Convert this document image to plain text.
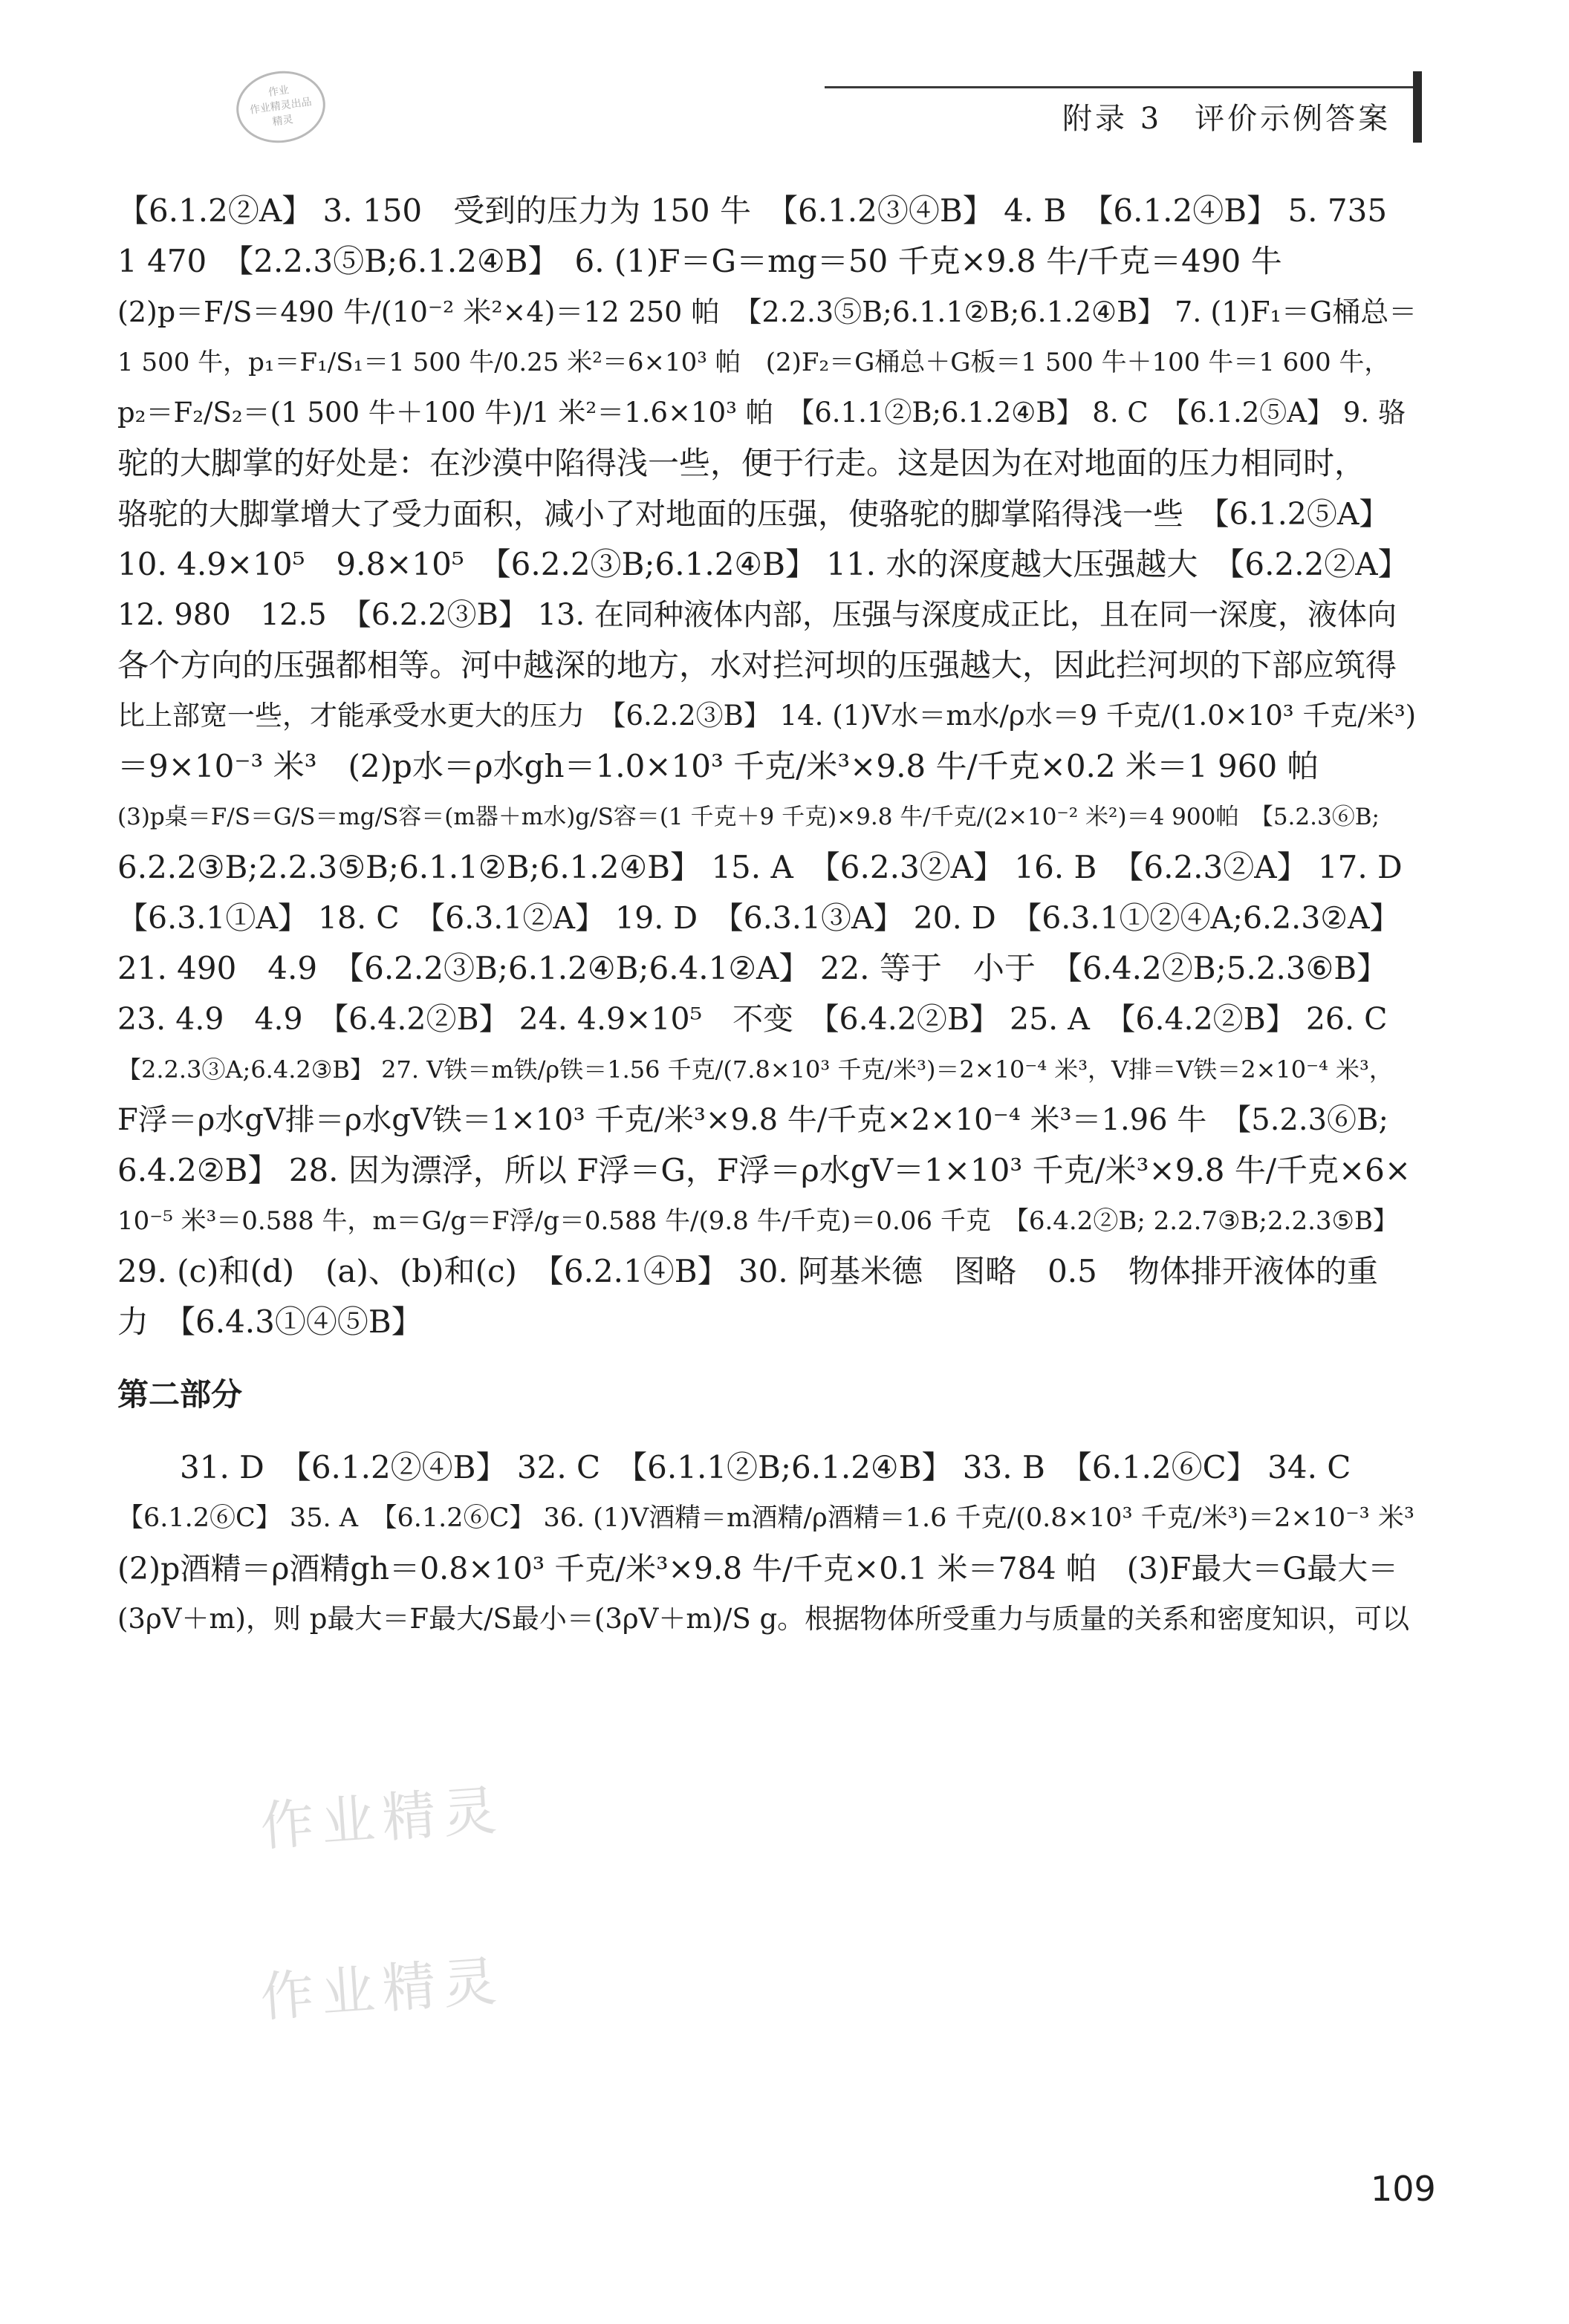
作业
作业精灵出品
精灵	附录 3　评价示例答案
作业精灵
作业精灵
【6.1.2②A】 3. 150　受到的压力为 150 牛　【6.1.2③④B】 4. B　【6.1.2④B】 5. 735
1 470　【2.2.3⑤B;6.1.2④B】　6. (1)F＝G＝mg＝50 千克×9.8 牛/千克＝490 牛
(2)p＝F/S＝490 牛/(10⁻² 米²×4)＝12 250 帕　【2.2.3⑤B;6.1.1②B;6.1.2④B】 7. (1)F₁＝G桶总＝
1 500 牛，p₁＝F₁/S₁＝1 500 牛/0.25 米²＝6×10³ 帕　(2)F₂＝G桶总＋G板＝1 500 牛＋100 牛＝1 600 牛，
p₂＝F₂/S₂＝(1 500 牛＋100 牛)/1 米²＝1.6×10³ 帕　【6.1.1②B;6.1.2④B】 8. C　【6.1.2⑤A】 9. 骆
驼的大脚掌的好处是：在沙漠中陷得浅一些，便于行走。这是因为在对地面的压力相同时，
骆驼的大脚掌增大了受力面积，减小了对地面的压强，使骆驼的脚掌陷得浅一些　【6.1.2⑤A】
10. 4.9×10⁵　9.8×10⁵　【6.2.2③B;6.1.2④B】 11. 水的深度越大压强越大　【6.2.2②A】
12. 980　12.5　【6.2.2③B】 13. 在同种液体内部，压强与深度成正比，且在同一深度，液体向
各个方向的压强都相等。河中越深的地方，水对拦河坝的压强越大，因此拦河坝的下部应筑得
比上部宽一些，才能承受水更大的压力　【6.2.2③B】 14. (1)V水＝m水/ρ水＝9 千克/(1.0×10³ 千克/米³)
＝9×10⁻³ 米³　(2)p水＝ρ水gh＝1.0×10³ 千克/米³×9.8 牛/千克×0.2 米＝1 960 帕
(3)p桌＝F/S＝G/S＝mg/S容＝(m器＋m水)g/S容＝(1 千克＋9 千克)×9.8 牛/千克/(2×10⁻² 米²)＝4 900帕　【5.2.3⑥B;
6.2.2③B;2.2.3⑤B;6.1.1②B;6.1.2④B】 15. A　【6.2.3②A】 16. B　【6.2.3②A】 17. D
【6.3.1①A】 18. C　【6.3.1②A】 19. D　【6.3.1③A】 20. D　【6.3.1①②④A;6.2.3②A】
21. 490　4.9　【6.2.2③B;6.1.2④B;6.4.1②A】 22. 等于　小于　【6.4.2②B;5.2.3⑥B】
23. 4.9　4.9　【6.4.2②B】 24. 4.9×10⁵　不变　【6.4.2②B】 25. A　【6.4.2②B】 26. C
【2.2.3③A;6.4.2③B】 27. V铁＝m铁/ρ铁＝1.56 千克/(7.8×10³ 千克/米³)＝2×10⁻⁴ 米³，V排＝V铁＝2×10⁻⁴ 米³，
F浮＝ρ水gV排＝ρ水gV铁＝1×10³ 千克/米³×9.8 牛/千克×2×10⁻⁴ 米³＝1.96 牛　【5.2.3⑥B;
6.4.2②B】 28. 因为漂浮，所以 F浮＝G，F浮＝ρ水gV＝1×10³ 千克/米³×9.8 牛/千克×6×
10⁻⁵ 米³＝0.588 牛，m＝G/g＝F浮/g＝0.588 牛/(9.8 牛/千克)＝0.06 千克　【6.4.2②B; 2.2.7③B;2.2.3⑤B】
29. (c)和(d)　(a)、(b)和(c)　【6.2.1④B】 30. 阿基米德　图略　0.5　物体排开液体的重
力　【6.4.3①④⑤B】
第二部分
　　31. D　【6.1.2②④B】 32. C　【6.1.1②B;6.1.2④B】 33. B　【6.1.2⑥C】 34. C
【6.1.2⑥C】 35. A　【6.1.2⑥C】 36. (1)V酒精＝m酒精/ρ酒精＝1.6 千克/(0.8×10³ 千克/米³)＝2×10⁻³ 米³
(2)p酒精＝ρ酒精gh＝0.8×10³ 千克/米³×9.8 牛/千克×0.1 米＝784 帕　(3)F最大＝G最大＝
(3ρV＋m)，则 p最大＝F最大/S最小＝(3ρV＋m)/S g。根据物体所受重力与质量的关系和密度知识，可以
109
